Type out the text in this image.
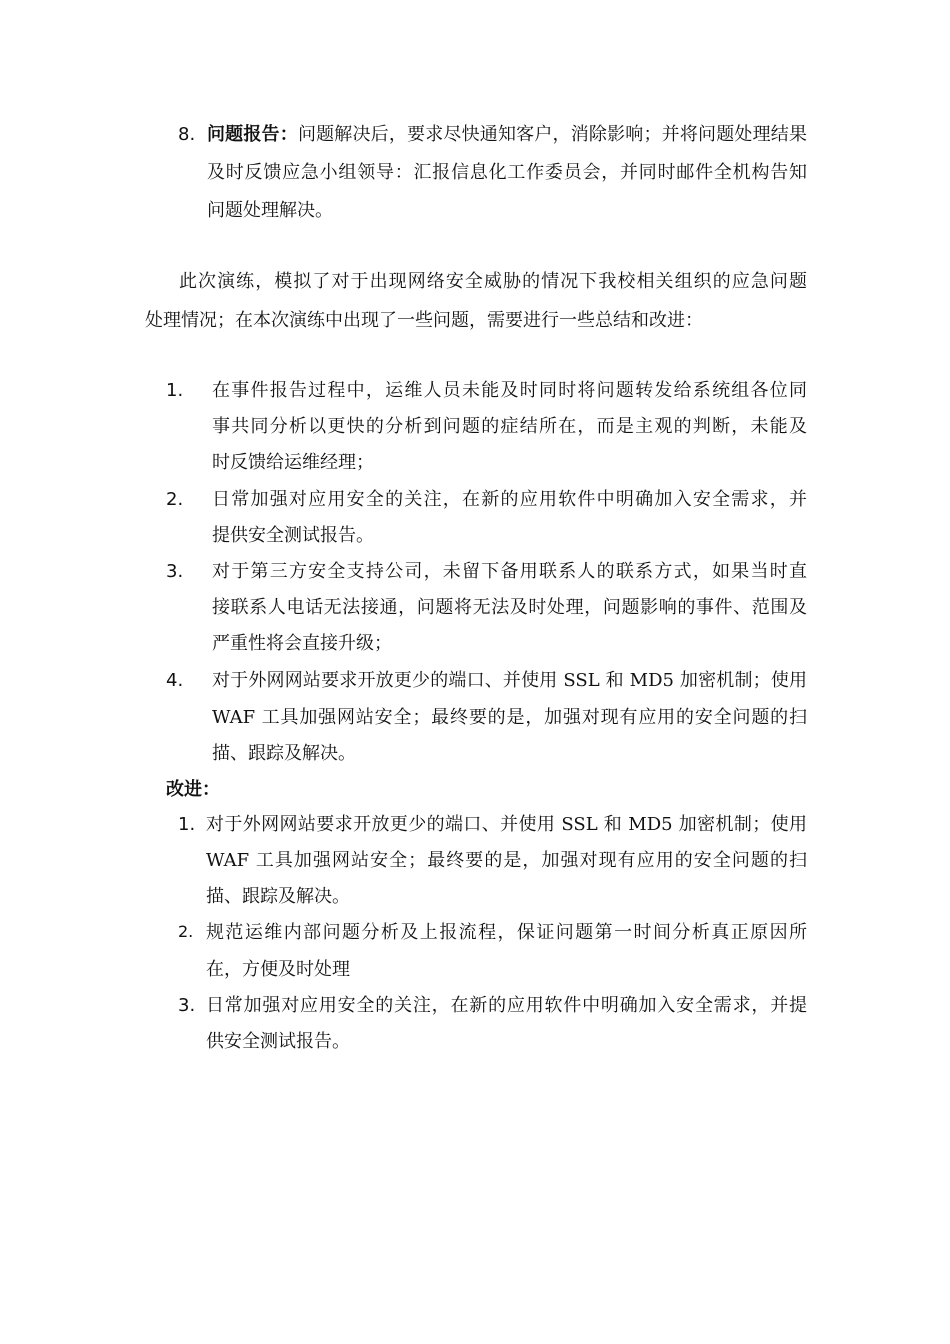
8. 问题报告：问题解决后，要求尽快通知客户，消除影响；并将问题处理结果
及时反馈应急小组领导：汇报信息化工作委员会，并同时邮件全机构告知
问题处理解决。
此次演练，模拟了对于出现网络安全威胁的情况下我校相关组织的应急问题
处理情况；在本次演练中出现了一些问题，需要进行一些总结和改进：
1. 在事件报告过程中，运维人员未能及时同时将问题转发给系统组各位同
事共同分析以更快的分析到问题的症结所在，而是主观的判断，未能及
时反馈给运维经理；
2. 日常加强对应用安全的关注，在新的应用软件中明确加入安全需求，并
提供安全测试报告。
3. 对于第三方安全支持公司，未留下备用联系人的联系方式，如果当时直
接联系人电话无法接通，问题将无法及时处理，问题影响的事件、范围及
严重性将会直接升级；
4. 对于外网网站要求开放更少的端口、并使用 SSL 和 MD5 加密机制；使用
WAF 工具加强网站安全；最终要的是，加强对现有应用的安全问题的扫
描、跟踪及解决。
改进：
1. 对于外网网站要求开放更少的端口、并使用 SSL 和 MD5 加密机制；使用
WAF 工具加强网站安全；最终要的是，加强对现有应用的安全问题的扫
描、跟踪及解决。
2. 规范运维内部问题分析及上报流程，保证问题第一时间分析真正原因所
在，方便及时处理
3. 日常加强对应用安全的关注，在新的应用软件中明确加入安全需求，并提
供安全测试报告。
